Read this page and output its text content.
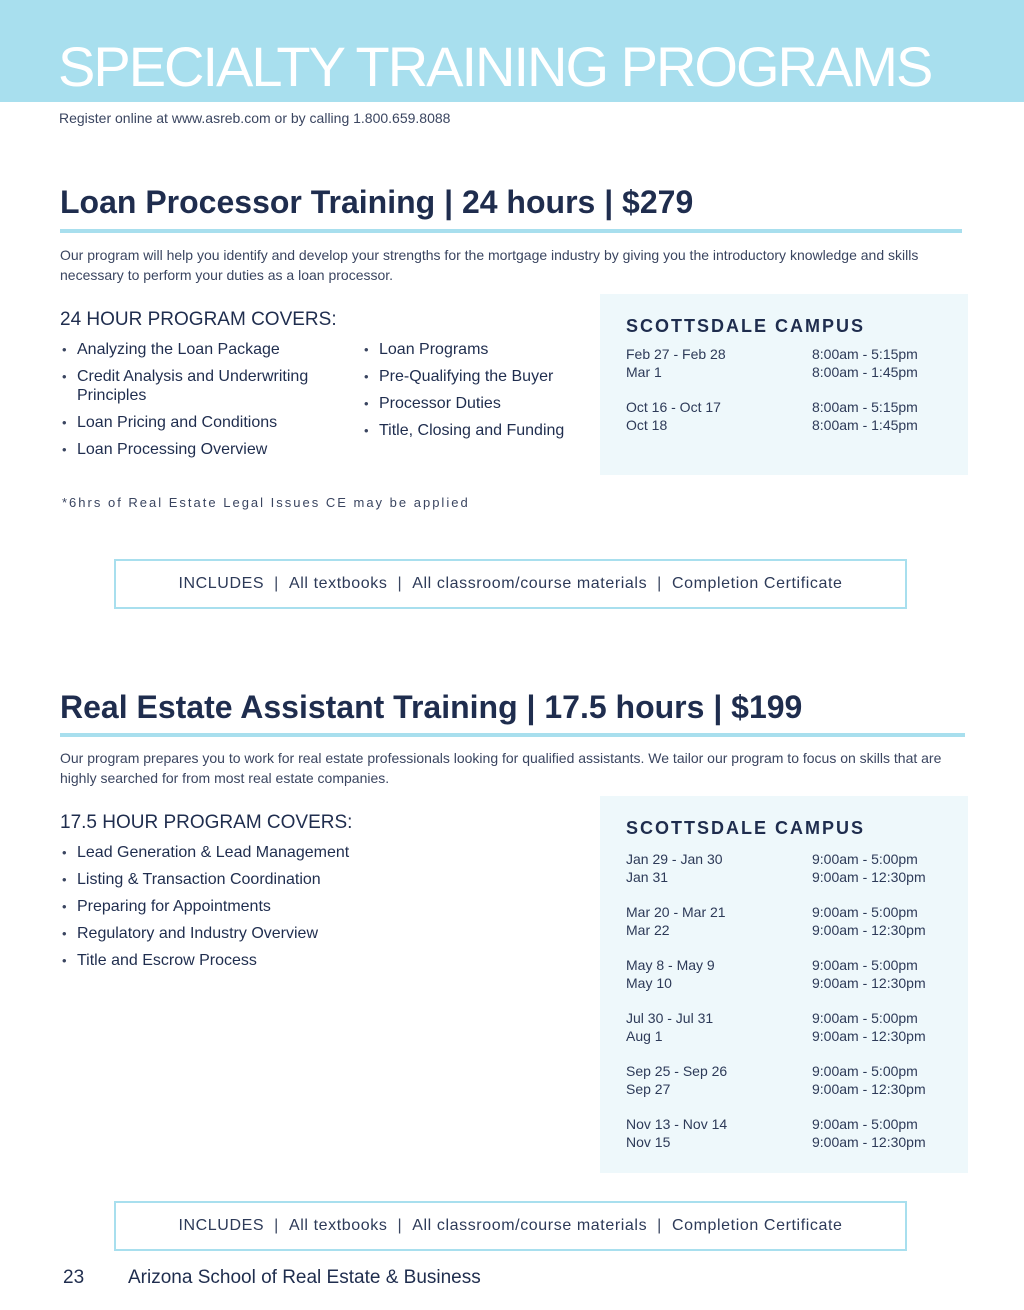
SPECIALTY TRAINING PROGRAMS
Register online at www.asreb.com or by calling 1.800.659.8088
Loan Processor Training | 24 hours | $279

Our program will help you identify and develop your strengths for the mortgage industry by giving you the introductory knowledge and skills necessary to perform your duties as a loan processor.

24 HOUR PROGRAM COVERS:
• Analyzing the Loan Package
• Credit Analysis and Underwriting Principles
• Loan Pricing and Conditions
• Loan Processing Overview
• Loan Programs
• Pre-Qualifying the Buyer
• Processor Duties
• Title, Closing and Funding
SCOTTSDALE CAMPUS
Feb 27 - Feb 28	8:00am - 5:15pm
Mar 1	8:00am - 1:45pm
Oct 16 - Oct 17	8:00am - 5:15pm
Oct 18	8:00am - 1:45pm
*6hrs of Real Estate Legal Issues CE may be applied
INCLUDES | All textbooks | All classroom/course materials | Completion Certificate
Real Estate Assistant Training | 17.5 hours | $199

Our program prepares you to work for real estate professionals looking for qualified assistants. We tailor our program to focus on skills that are highly searched for from most real estate companies.

17.5 HOUR PROGRAM COVERS:
• Lead Generation & Lead Management
• Listing & Transaction Coordination
• Preparing for Appointments
• Regulatory and Industry Overview
• Title and Escrow Process
SCOTTSDALE CAMPUS
Jan 29 - Jan 30	9:00am - 5:00pm
Jan 31	9:00am - 12:30pm
Mar 20 - Mar 21	9:00am - 5:00pm
Mar 22	9:00am - 12:30pm
May 8 - May 9	9:00am - 5:00pm
May 10	9:00am - 12:30pm
Jul 30 - Jul 31	9:00am - 5:00pm
Aug 1	9:00am - 12:30pm
Sep 25 - Sep 26	9:00am - 5:00pm
Sep 27	9:00am - 12:30pm
Nov 13 - Nov 14	9:00am - 5:00pm
Nov 15	9:00am - 12:30pm
INCLUDES | All textbooks | All classroom/course materials | Completion Certificate
23 Arizona School of Real Estate & Business
